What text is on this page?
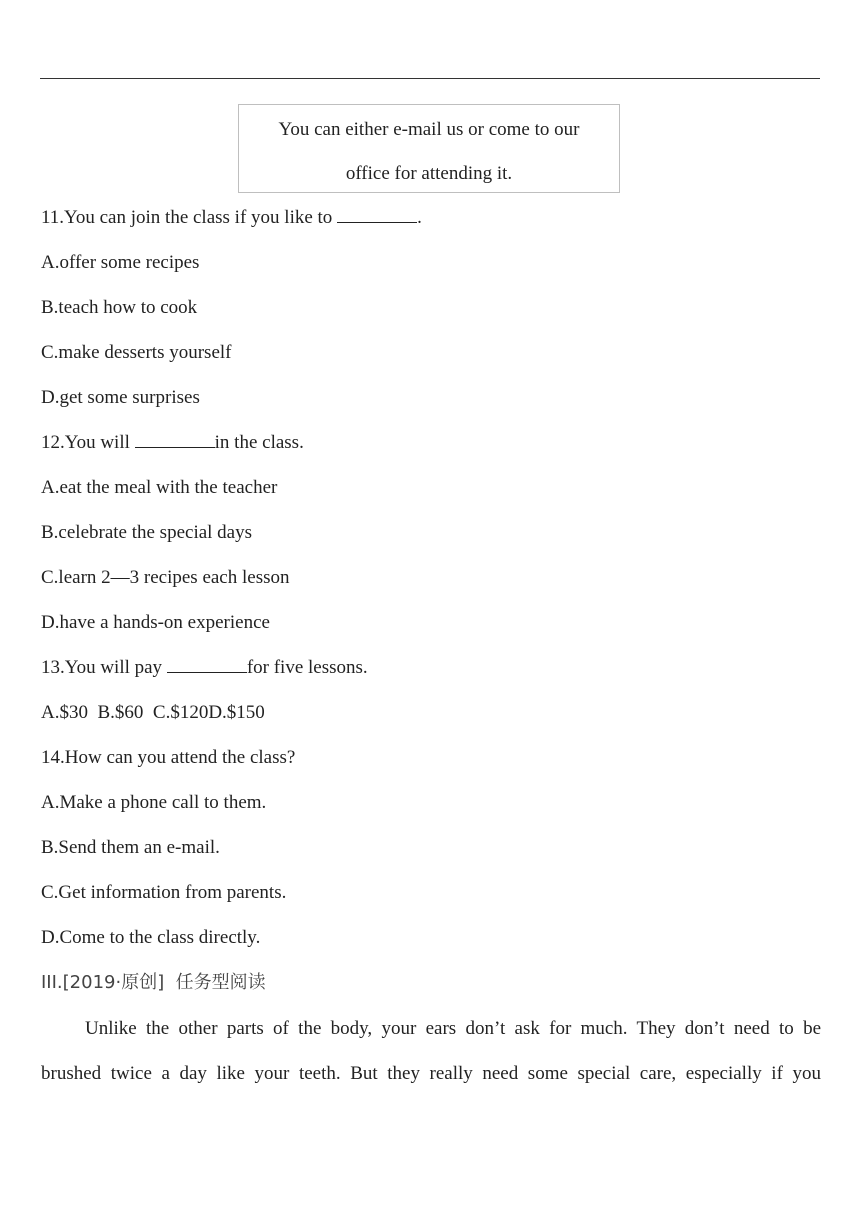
You can either e-mail us or come to our
office for attending it.
11.You can join the class if you like to	.
A.offer some recipes
B.teach how to cook
C.make desserts yourself
D.get some surprises
12.You will	in the class.
A.eat the meal with the teacher
B.celebrate the special days
C.learn 2—3 recipes each lesson
D.have a hands-on experience
13.You will pay	for five lessons.
A.$30  B.$60  C.$120D.$150
14.How can you attend the class?
A.Make a phone call to them.
B.Send them an e-mail.
C.Get information from parents.
D.Come to the class directly.
III.[2019·原创]  任务型阅读
Unlike the other parts of the body, your ears don’t ask for much. They don’t need to be
brushed twice a day like your teeth. But they really need some special care, especially if you
